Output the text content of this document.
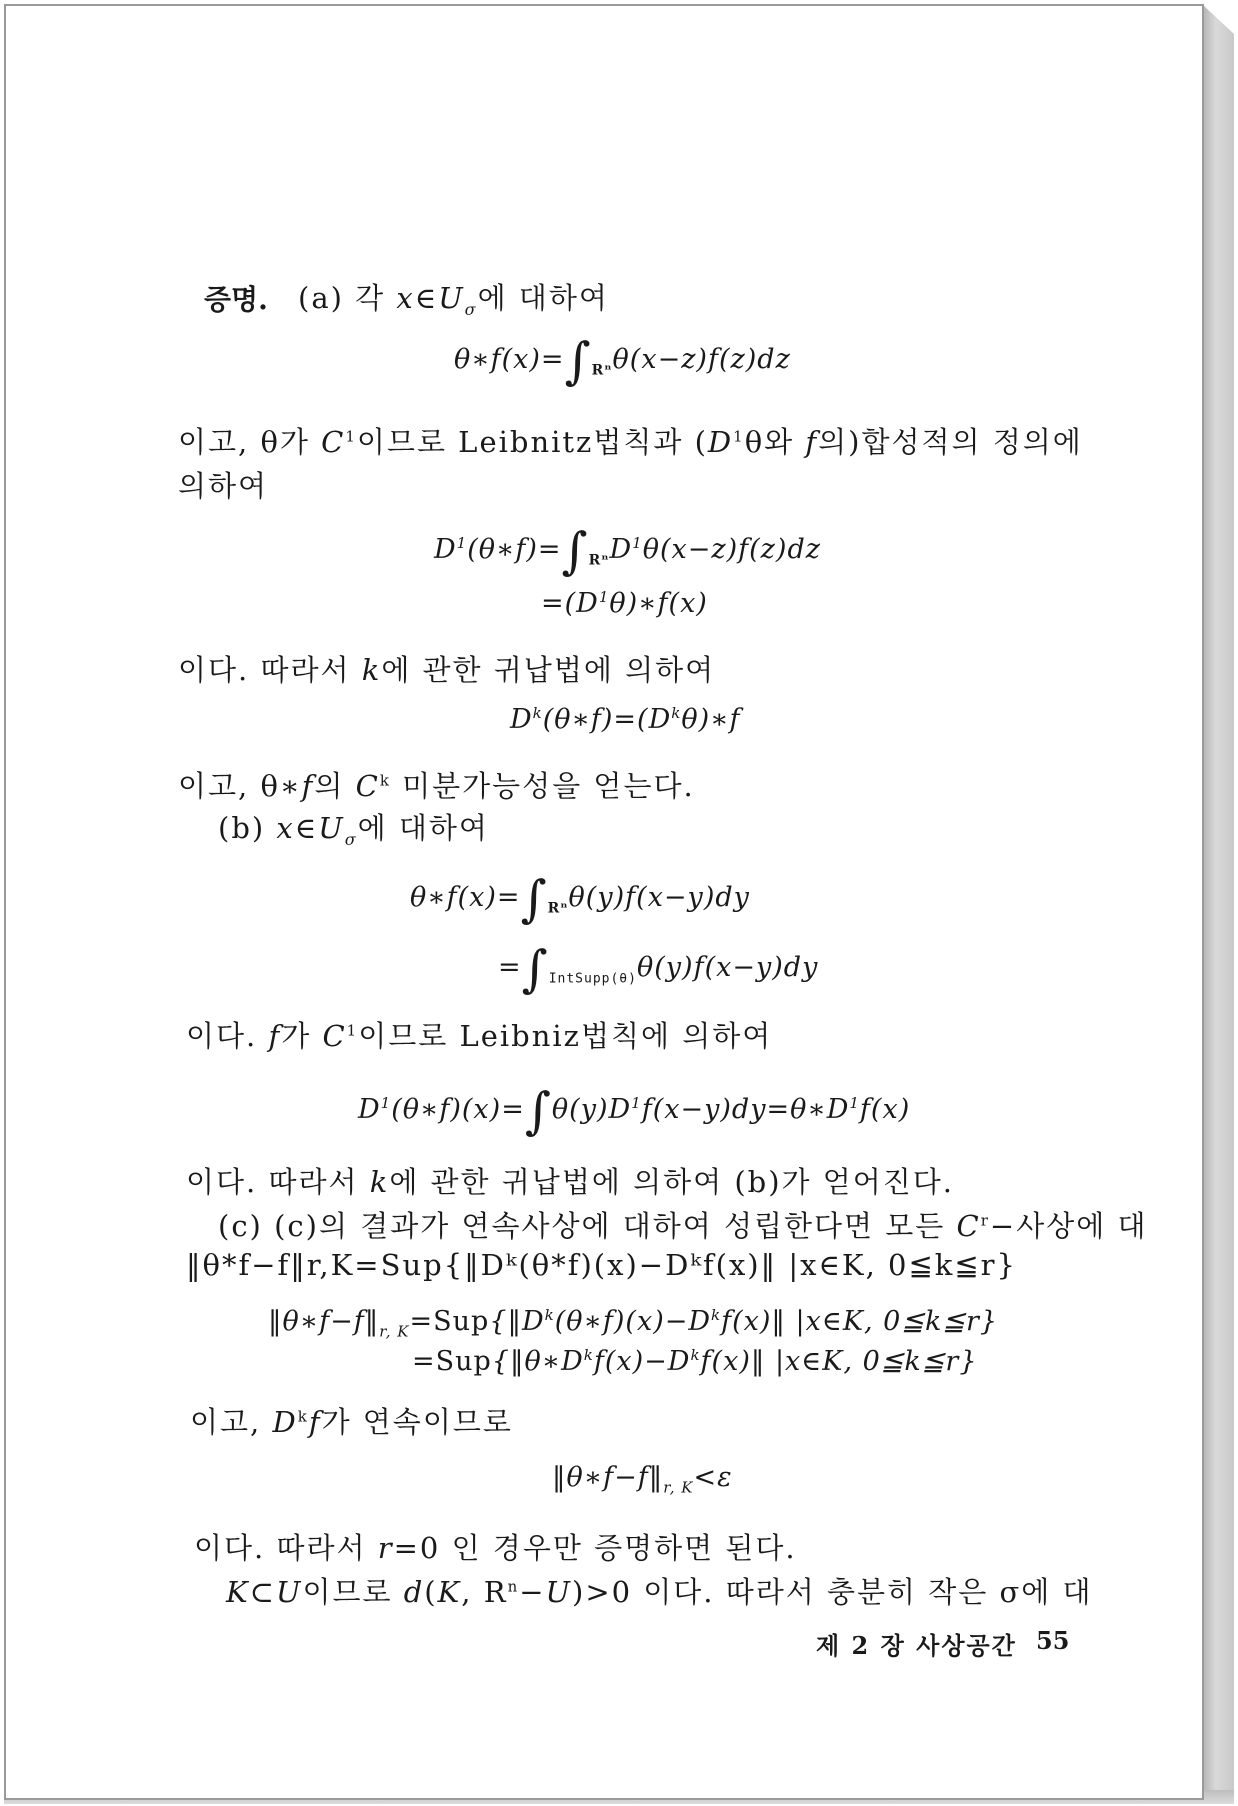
증명. (a) 각 $x\in U_\sigma$에 대하여
$\theta∗f(x)=\int_{R^n}\theta(x-z)f(z)dz$
이고, θ가 $C^1$이므로 Leibnitz법칙과 ($D^1\theta$와 f의)합성적의 정의에
의하여
$D^1(\theta∗f)=\int_{R^n}D^1\theta(x-z)f(z)dz$
$=(D^1\theta)∗f(x)$
이다. 따라서 k에 관한 귀납법에 의하여
$D^k(\theta∗f)=(D^k\theta)∗f$
이고, θ∗f의 $C^k$ 미분가능성을 얻는다.
(b) $x\in U_\sigma$에 대하여
$\theta∗f(x)=\int_{R^n}\theta(y)f(x-y)dy$
$=\int_{IntSupp(\theta)}\theta(y)f(x-y)dy$
이다. f가 $C^1$이므로 Leibniz법칙에 의하여
$D^1(\theta∗f)(x)=\int\theta(y)D^1f(x-y)dy=\theta∗D^1f(x)$
이다. 따라서 k에 관한 귀납법에 의하여 (b)가 얻어진다.
(c) (c)의 결과가 연속사상에 대하여 성립한다면 모든 $C^r-$사상에 대
‖θ*f−f‖r,K=Sup{‖Dᵏ(θ*f)(x)−Dᵏf(x)‖ |x∈K, 0≦k≦r}
$‖\theta∗f-f‖_{r, K}=Sup\{‖D^k(\theta∗f)(x)-D^kf(x)‖$ |x∈K, 0≦k≦r}
$=Sup\{‖\theta∗D^kf(x)-D^kf(x)‖$ |x∈K, 0≦k≦r}
이고, $D^kf$가 연속이므로
$‖\theta∗f-f‖_{r, K}<\varepsilon$
이다. 따라서 r=0 인 경우만 증명하면 된다.
K⊂U이므로 d(K, $R^n-U)>0$ 이다. 따라서 충분히 작은 σ에 대
제 2 장 사상공간 55
